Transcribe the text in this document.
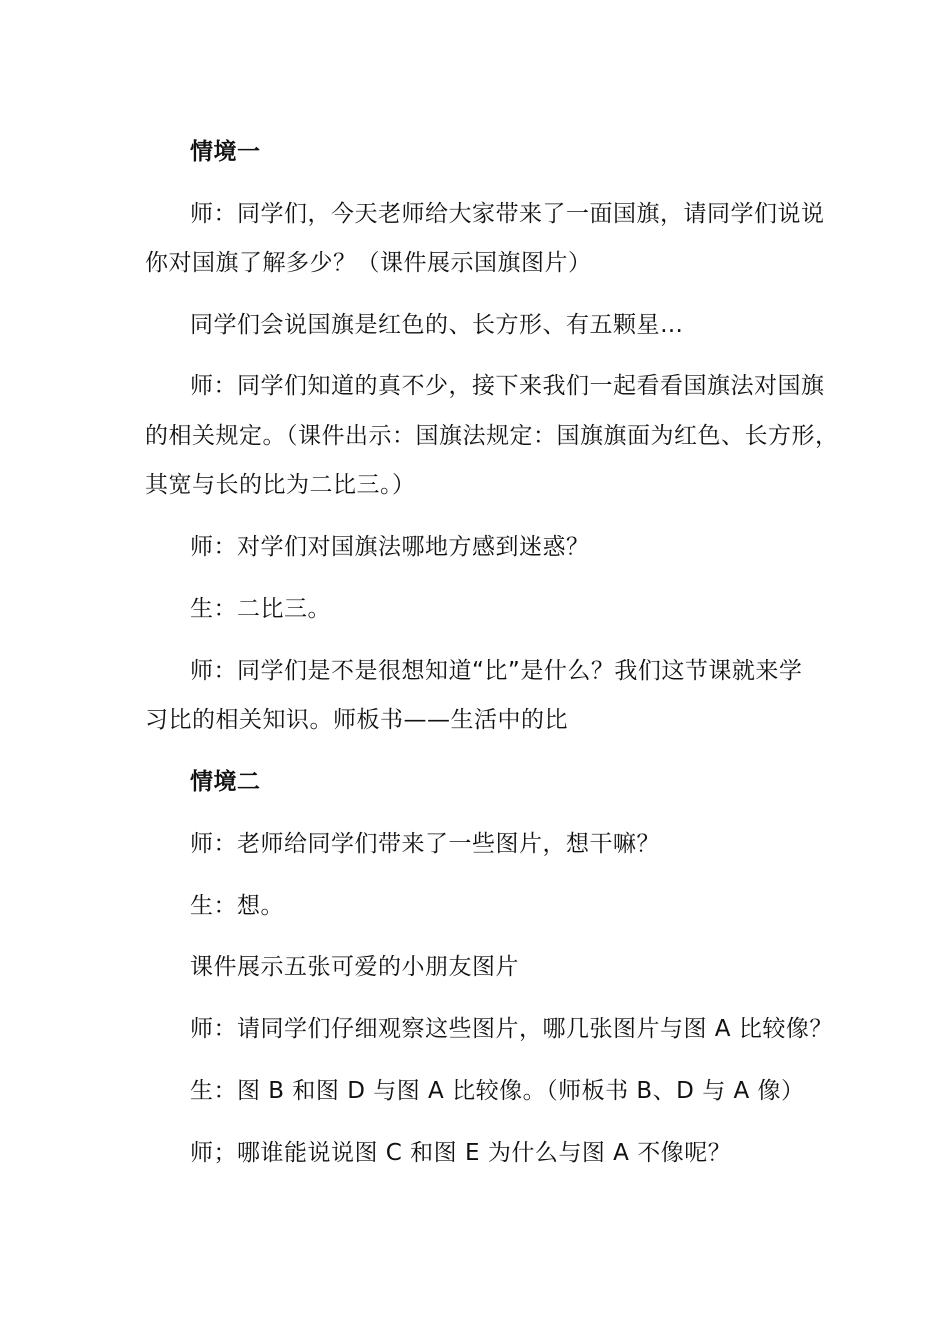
情境一
师：同学们，今天老师给大家带来了一面国旗，请同学们说说
你对国旗了解多少？（课件展示国旗图片）
同学们会说国旗是红色的、长方形、有五颗星…
师：同学们知道的真不少，接下来我们一起看看国旗法对国旗
的相关规定。（课件出示：国旗法规定：国旗旗面为红色、长方形，
其宽与长的比为二比三。）
师：对学们对国旗法哪地方感到迷惑？
生：二比三。
师：同学们是不是很想知道“比”是什么？我们这节课就来学
习比的相关知识。师板书——生活中的比
情境二
师：老师给同学们带来了一些图片，想干嘛？
生：想。
课件展示五张可爱的小朋友图片
师：请同学们仔细观察这些图片，哪几张图片与图 A 比较像？
生：图 B 和图 D 与图 A 比较像。（师板书 B、D 与 A 像）
师；哪谁能说说图 C 和图 E 为什么与图 A 不像呢？
